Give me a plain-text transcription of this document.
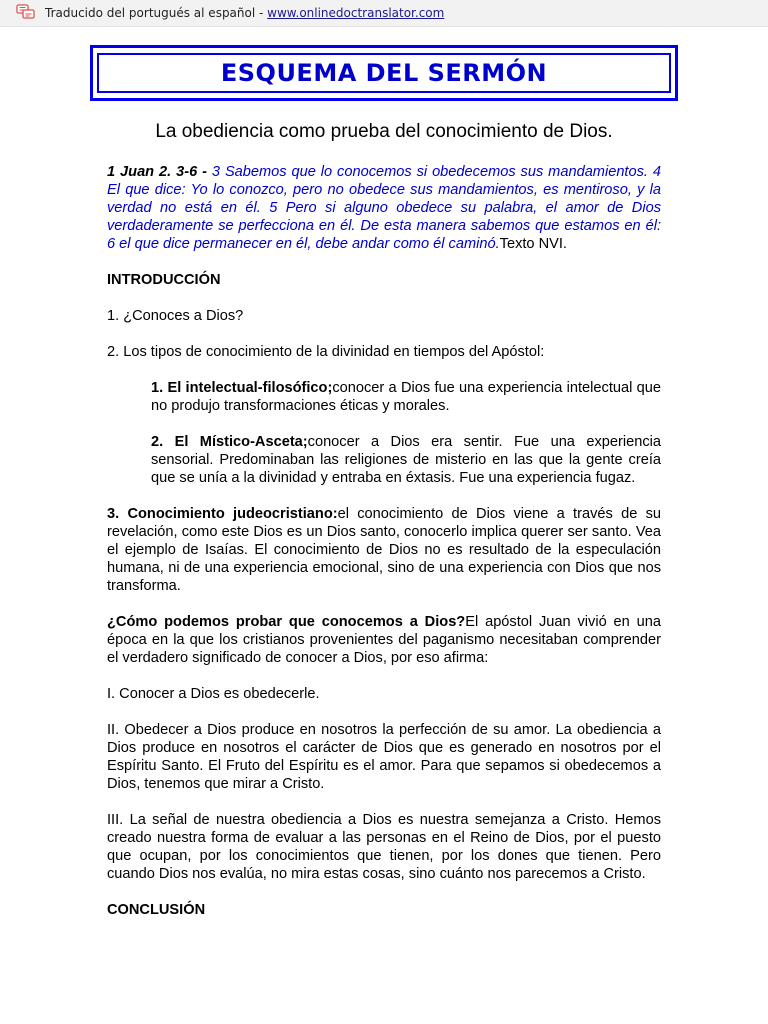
Traducido del portugués al español - www.onlinedoctranslator.com
ESQUEMA DEL SERMÓN
La obediencia como prueba del conocimiento de Dios.

1 Juan 2. 3-6 - 3 Sabemos que lo conocemos si obedecemos sus mandamientos. 4 El que dice: Yo lo conozco, pero no obedece sus mandamientos, es mentiroso, y la verdad no está en él. 5 Pero si alguno obedece su palabra, el amor de Dios verdaderamente se perfecciona en él. De esta manera sabemos que estamos en él: 6 el que dice permanecer en él, debe andar como él caminó.Texto NVI.

INTRODUCCIÓN

1. ¿Conoces a Dios?

2. Los tipos de conocimiento de la divinidad en tiempos del Apóstol:

1. El intelectual-filosófico;conocer a Dios fue una experiencia intelectual que no produjo transformaciones éticas y morales.

2. El Místico-Asceta;conocer a Dios era sentir. Fue una experiencia sensorial. Predominaban las religiones de misterio en las que la gente creía que se unía a la divinidad y entraba en éxtasis. Fue una experiencia fugaz.

3. Conocimiento judeocristiano:el conocimiento de Dios viene a través de su revelación, como este Dios es un Dios santo, conocerlo implica querer ser santo. Vea el ejemplo de Isaías. El conocimiento de Dios no es resultado de la especulación humana, ni de una experiencia emocional, sino de una experiencia con Dios que nos transforma.

¿Cómo podemos probar que conocemos a Dios?El apóstol Juan vivió en una época en la que los cristianos provenientes del paganismo necesitaban comprender el verdadero significado de conocer a Dios, por eso afirma:

I. Conocer a Dios es obedecerle.

II. Obedecer a Dios produce en nosotros la perfección de su amor. La obediencia a Dios produce en nosotros el carácter de Dios que es generado en nosotros por el Espíritu Santo. El Fruto del Espíritu es el amor. Para que sepamos si obedecemos a Dios, tenemos que mirar a Cristo.

III. La señal de nuestra obediencia a Dios es nuestra semejanza a Cristo. Hemos creado nuestra forma de evaluar a las personas en el Reino de Dios, por el puesto que ocupan, por los conocimientos que tienen, por los dones que tienen. Pero cuando Dios nos evalúa, no mira estas cosas, sino cuánto nos parecemos a Cristo.

CONCLUSIÓN
